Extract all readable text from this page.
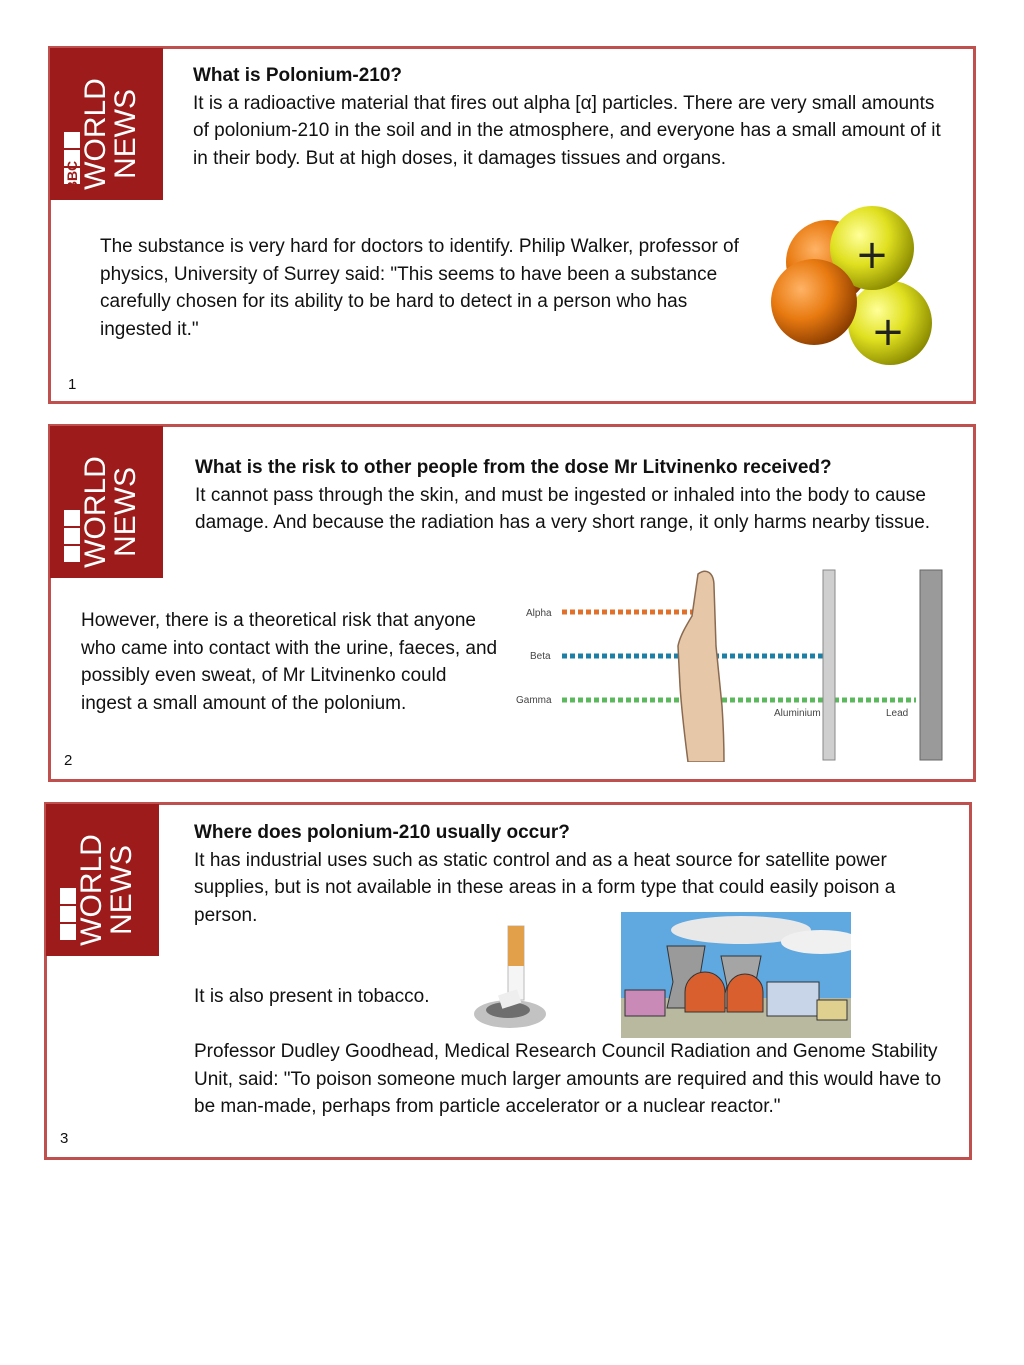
BBC WORLD
NEWS
What is Polonium-210?
It is a radioactive material that fires out alpha [α] particles. There are very small amounts of polonium-210 in the soil and in the atmosphere, and everyone has a small amount of it in their body. But at high doses, it damages tissues and organs.
The substance is very hard for doctors to identify. Philip Walker, professor of physics, University of Surrey said: "This seems to have been a substance carefully chosen for its ability to be hard to detect in a person who has ingested it."
+
+
1
WORLD
NEWS	What is the risk to other people from the dose Mr Litvinenko received?
It cannot pass through the skin, and must be ingested or inhaled into the body to cause damage. And because the radiation has a very short range, it only harms nearby tissue.
However, there is a theoretical risk that anyone who came into contact with the urine, faeces, and possibly even sweat, of Mr Litvinenko could ingest a small amount of the polonium.
Alpha
Beta
Gamma
Aluminium	Lead
2
WORLD
NEWS
Where does polonium-210 usually occur?
It has industrial uses such as static control and as a heat source for satellite power supplies, but is not available in these areas in a form type that could easily poison a person.
It is also present in tobacco.
Professor Dudley Goodhead, Medical Research Council Radiation and Genome Stability Unit, said: "To poison someone much larger amounts are required and this would have to be man-made, perhaps from particle accelerator or a nuclear reactor."
3
